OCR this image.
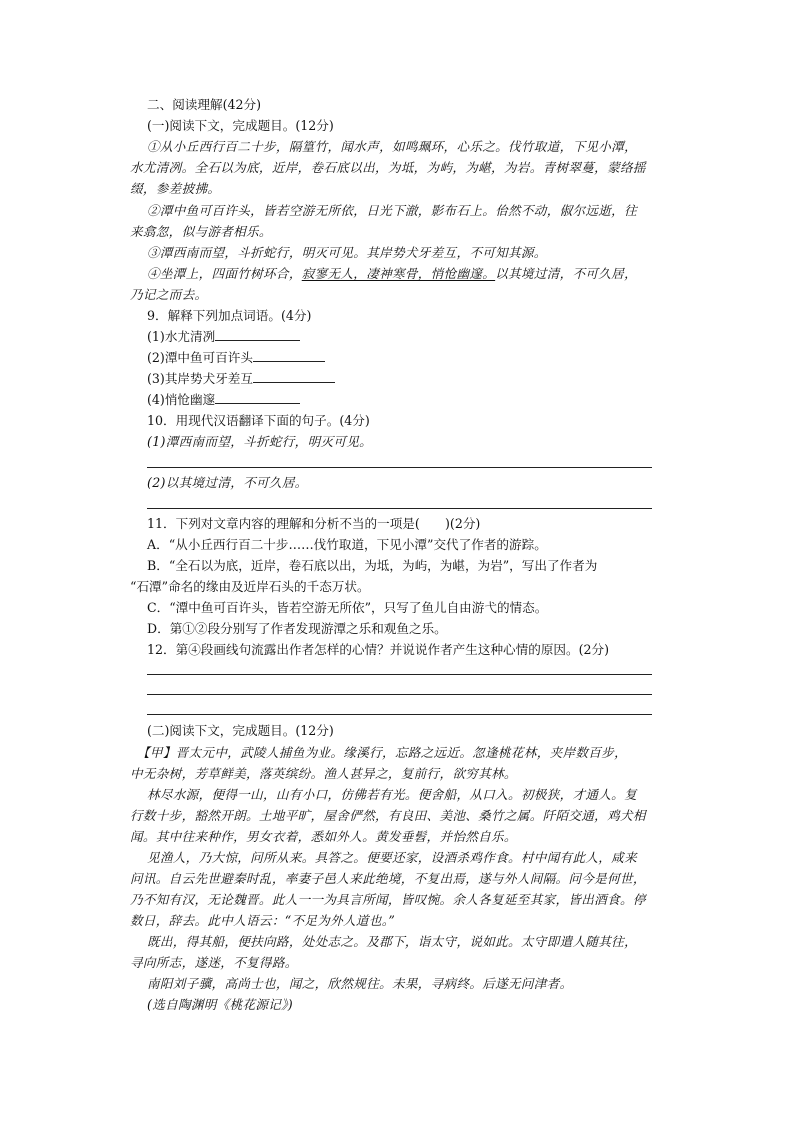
二、阅读理解(42分)
(一)阅读下文，完成题目。(12分)
①从小丘西行百二十步，隔篁竹，闻水声，如鸣珮环，心乐之。伐竹取道，下见小潭，
水尤清冽。全石以为底，近岸，卷石底以出，为坻，为屿，为嵁，为岩。青树翠蔓，蒙络摇
缀，参差披拂。
②潭中鱼可百许头，皆若空游无所依，日光下澈，影布石上。佁然不动，俶尔远逝，往
来翕忽，似与游者相乐。
③潭西南而望，斗折蛇行，明灭可见。其岸势犬牙差互，不可知其源。
④坐潭上，四面竹树环合，寂寥无人，凄神寒骨，悄怆幽邃。以其境过清，不可久居，
乃记之而去。
9．解释下列加点词语。(4分)
(1)水尤清冽
(2)潭中鱼可百许头
(3)其岸势犬牙差互
(4)悄怆幽邃
10．用现代汉语翻译下面的句子。(4分)
(1)潭西南而望，斗折蛇行，明灭可见。
(2)以其境过清，不可久居。
11．下列对文章内容的理解和分析不当的一项是(　　)(2分)
A．“从小丘西行百二十步……伐竹取道，下见小潭”交代了作者的游踪。
B．“全石以为底，近岸，卷石底以出，为坻，为屿，为嵁，为岩”，写出了作者为
“石潭”命名的缘由及近岸石头的千态万状。
C．“潭中鱼可百许头，皆若空游无所依”，只写了鱼儿自由游弋的情态。
D．第①②段分别写了作者发现游潭之乐和观鱼之乐。
12．第④段画线句流露出作者怎样的心情？并说说作者产生这种心情的原因。(2分)
(二)阅读下文，完成题目。(12分)
【甲】晋太元中，武陵人捕鱼为业。缘溪行，忘路之远近。忽逢桃花林，夹岸数百步，
中无杂树，芳草鲜美，落英缤纷。渔人甚异之，复前行，欲穷其林。
林尽水源，便得一山，山有小口，仿佛若有光。便舍船，从口入。初极狭，才通人。复
行数十步，豁然开朗。土地平旷，屋舍俨然，有良田、美池、桑竹之属。阡陌交通，鸡犬相
闻。其中往来种作，男女衣着，悉如外人。黄发垂髫，并怡然自乐。
见渔人，乃大惊，问所从来。具答之。便要还家，设酒杀鸡作食。村中闻有此人，咸来
问讯。自云先世避秦时乱，率妻子邑人来此绝境，不复出焉，遂与外人间隔。问今是何世，
乃不知有汉，无论魏晋。此人一一为具言所闻，皆叹惋。余人各复延至其家，皆出酒食。停
数日，辞去。此中人语云：“不足为外人道也。”
既出，得其船，便扶向路，处处志之。及郡下，诣太守，说如此。太守即遣人随其往，
寻向所志，遂迷，不复得路。
南阳刘子骥，高尚士也，闻之，欣然规往。未果，寻病终。后遂无问津者。
(选自陶渊明《桃花源记》)
